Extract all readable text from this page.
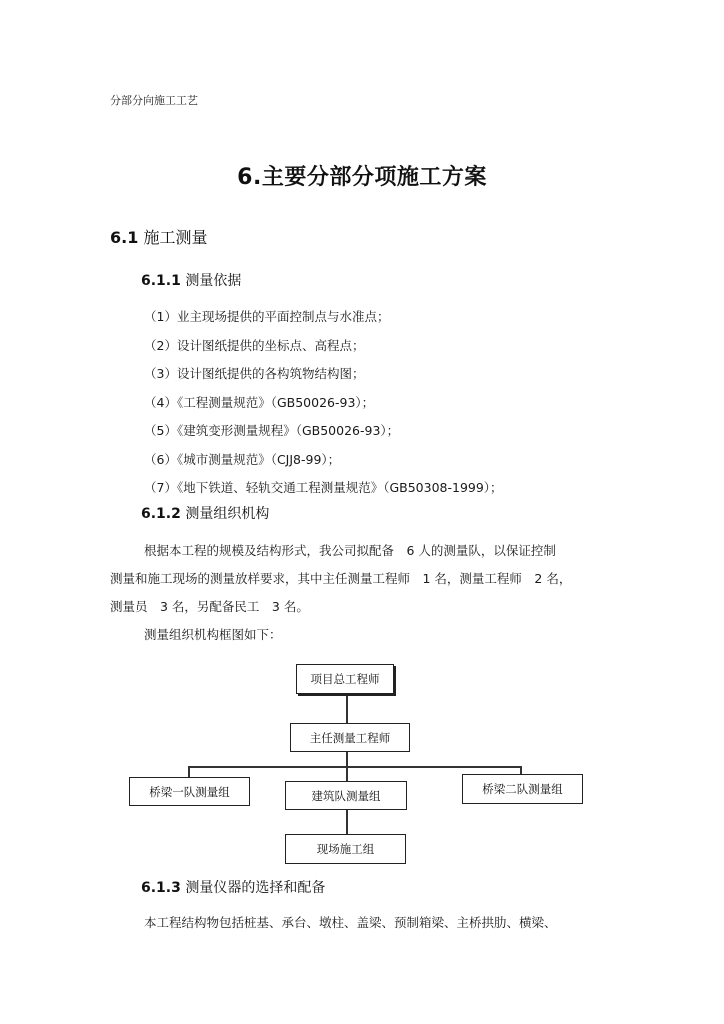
分部分向施工工艺
6.主要分部分项施工方案
6.1 施工测量
6.1.1 测量依据
（1）业主现场提供的平面控制点与水准点；
（2）设计图纸提供的坐标点、高程点；
（3）设计图纸提供的各构筑物结构图；
（4）《工程测量规范》（GB50026-93）；
（5）《建筑变形测量规程》（GB50026-93）；
（6）《城市测量规范》（CJJ8-99）；
（7）《地下铁道、轻轨交通工程测量规范》（GB50308-1999）；
6.1.2 测量组织机构
根据本工程的规模及结构形式，我公司拟配备　6 人的测量队，以保证控制
测量和施工现场的测量放样要求，其中主任测量工程师　1 名，测量工程师　2 名，
测量员　3 名，另配备民工　3 名。
测量组织机构框图如下：
项目总工程师
主任测量工程师
桥梁一队测量组	建筑队测量组	桥梁二队测量组
现场施工组
6.1.3 测量仪器的选择和配备
本工程结构物包括桩基、承台、墩柱、盖梁、预制箱梁、主桥拱肋、横梁、
